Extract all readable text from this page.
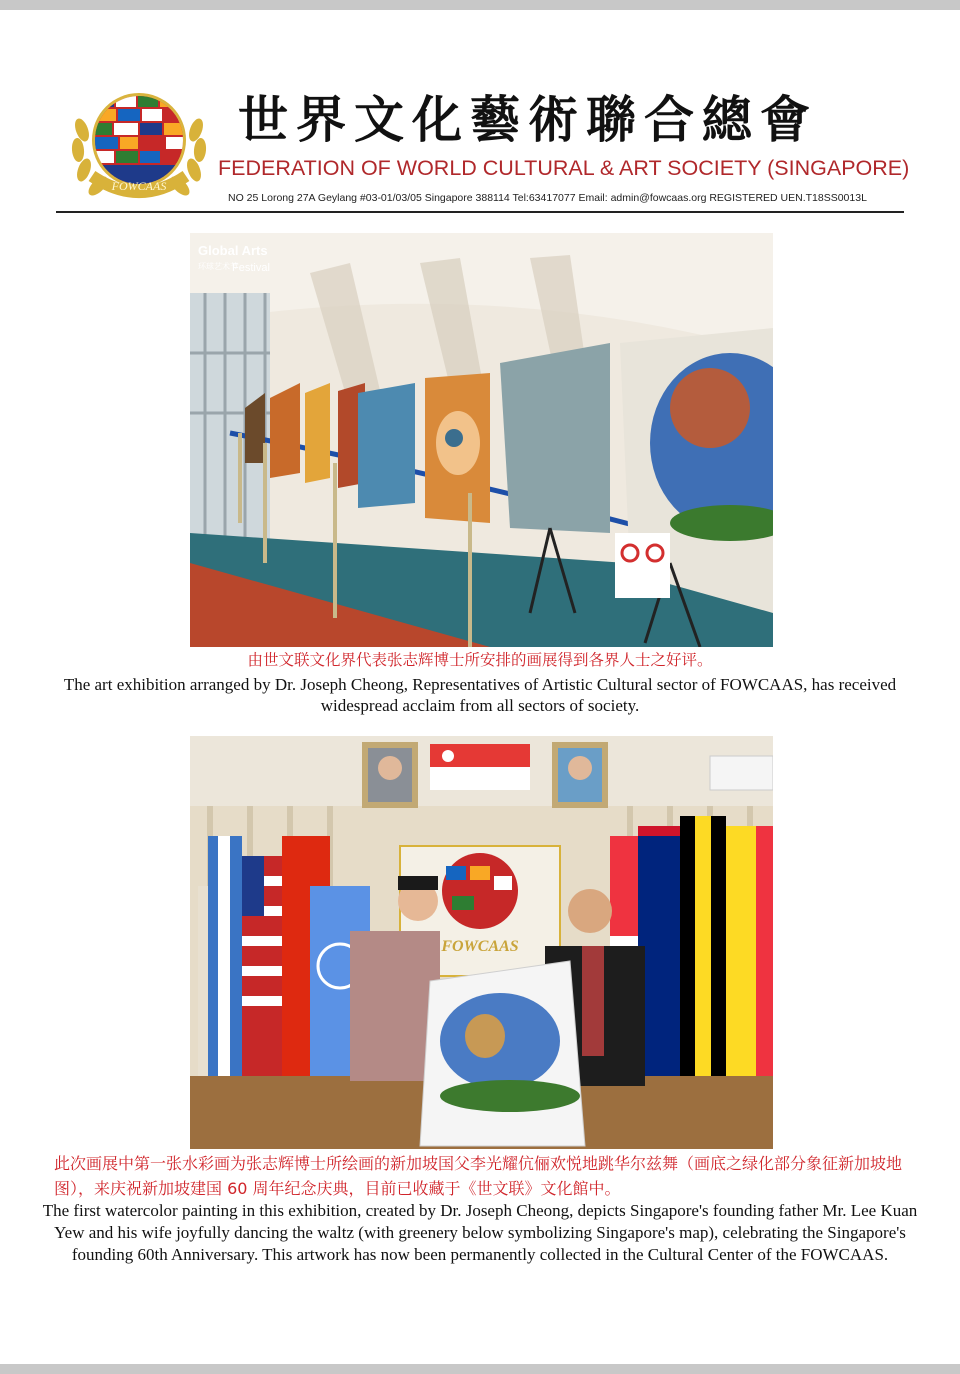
FOWCAAS
世界文化藝術聯合總會
FEDERATION OF WORLD CULTURAL & ART SOCIETY (SINGAPORE)
NO 25 Lorong 27A Geylang #03-01/03/05 Singapore 388114 Tel:63417077 Email: admin@fowcaas.org REGISTERED UEN.T18SS0013L
Global Arts
环球艺术节
Festival
由世文联文化界代表张志辉博士所安排的画展得到各界人士之好评。
The art exhibition arranged by Dr. Joseph Cheong, Representatives of Artistic Cultural sector of FOWCAAS, has received widespread acclaim from all sectors of society.
FOWCAAS
此次画展中第一张水彩画为张志辉博士所绘画的新加坡国父李光耀伉俪欢悦地跳华尔兹舞（画底之绿化部分象征新加坡地图），来庆祝新加坡建国 60 周年纪念庆典，目前已收藏于《世文联》文化館中。
The first watercolor painting in this exhibition, created by Dr. Joseph Cheong, depicts Singapore's founding father Mr. Lee Kuan Yew and his wife joyfully dancing the waltz (with greenery below symbolizing Singapore's map), celebrating the Singapore's founding 60th Anniversary. This artwork has now been permanently collected in the Cultural Center of the FOWCAAS.
